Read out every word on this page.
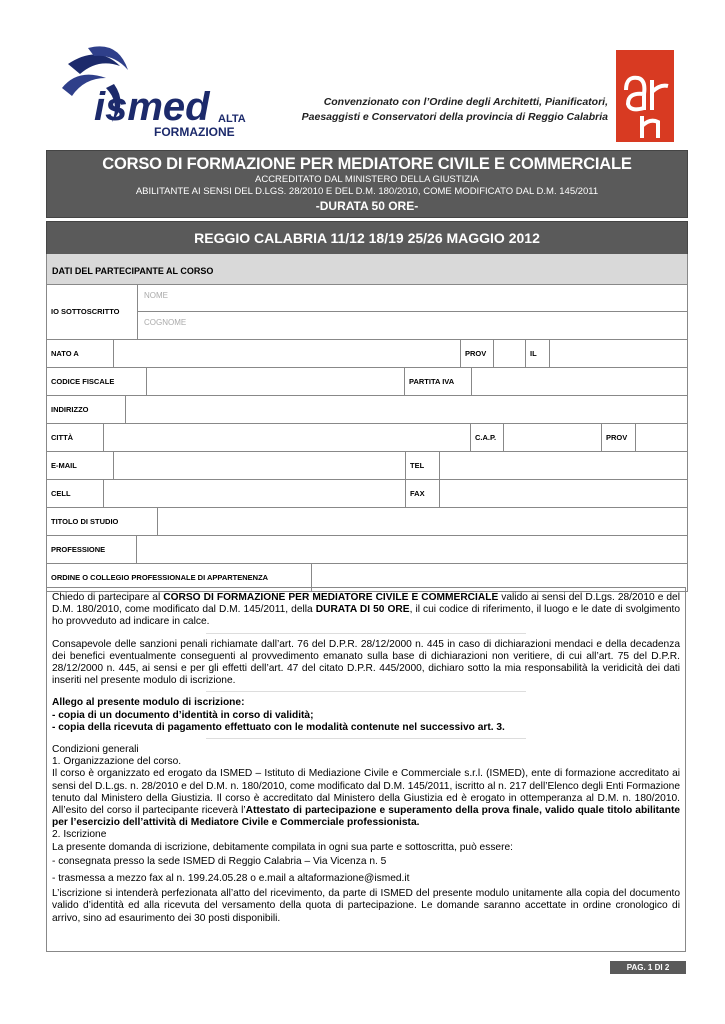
ismed ALTA
FORMAZIONE
Convenzionato con l’Ordine degli Architetti, Pianificatori,
Paesaggisti e Conservatori della provincia di Reggio Calabria
CORSO DI FORMAZIONE PER MEDIATORE CIVILE E COMMERCIALE
ACCREDITATO DAL MINISTERO DELLA GIUSTIZIA
ABILITANTE AI SENSI DEL D.LGS. 28/2010 E DEL D.M. 180/2010, COME MODIFICATO DAL D.M. 145/2011
-DURATA 50 ORE-
REGGIO CALABRIA 11/12 18/19 25/26 MAGGIO 2012
DATI DEL PARTECIPANTE AL CORSO
IO SOTTOSCRITTO
NOME
COGNOME
NATO A	PROV	IL
CODICE FISCALE	PARTITA IVA
INDIRIZZO
CITTÀ	C.A.P.	PROV
E-MAIL	TEL
CELL	FAX
TITOLO DI STUDIO
PROFESSIONE
ORDINE O COLLEGIO PROFESSIONALE DI APPARTENENZA

Chiedo di partecipare al CORSO DI FORMAZIONE PER MEDIATORE CIVILE E COMMERCIALE valido ai sensi del D.Lgs. 28/2010 e del D.M. 180/2010, come modificato dal D.M. 145/2011, della DURATA DI 50 ORE, il cui codice di riferimento, il luogo e le date di svolgimento ho provveduto ad indicare in calce.

Consapevole delle sanzioni penali richiamate dall’art. 76 del D.P.R. 28/12/2000 n. 445 in caso di dichiarazioni mendaci e della decadenza dei benefici eventualmente conseguenti al provvedimento emanato sulla base di dichiarazioni non veritiere, di cui all’art. 75 del D.P.R. 28/12/2000 n. 445, ai sensi e per gli effetti dell’art. 47 del citato D.P.R. 445/2000, dichiaro sotto la mia responsabilità la veridicità dei dati inseriti nel presente modulo di iscrizione.

Allego al presente modulo di iscrizione:

- copia di un documento d’identità in corso di validità;

- copia della ricevuta di pagamento effettuato con le modalità contenute nel successivo art. 3.

Condizioni generali

1. Organizzazione del corso.

Il corso è organizzato ed erogato da ISMED – Istituto di Mediazione Civile e Commerciale s.r.l. (ISMED), ente di formazione accreditato ai sensi del D.L.gs. n. 28/2010 e del D.M. n. 180/2010, come modificato dal D.M. 145/2011, iscritto al n. 217 dell’Elenco degli Enti Formazione tenuto dal Ministero della Giustizia. Il corso è accreditato dal Ministero della Giustizia ed è erogato in ottemperanza al D.M. n. 180/2010. All’esito del corso il partecipante riceverà l’Attestato di partecipazione e superamento della prova finale, valido quale titolo abilitante per l’esercizio dell’attività di Mediatore Civile e Commerciale professionista.

2. Iscrizione

La presente domanda di iscrizione, debitamente compilata in ogni sua parte e sottoscritta, può essere:

- consegnata presso la sede ISMED di Reggio Calabria – Via Vicenza n. 5

- trasmessa a mezzo fax al n. 199.24.05.28 o e.mail a altaformazione@ismed.it

L’iscrizione si intenderà perfezionata all’atto del ricevimento, da parte di ISMED del presente modulo unitamente alla copia del documento valido d’identità ed alla ricevuta del versamento della quota di partecipazione. Le domande saranno accettate in ordine cronologico di arrivo, sino ad esaurimento dei 30 posti disponibili.

PAG. 1 DI 2
